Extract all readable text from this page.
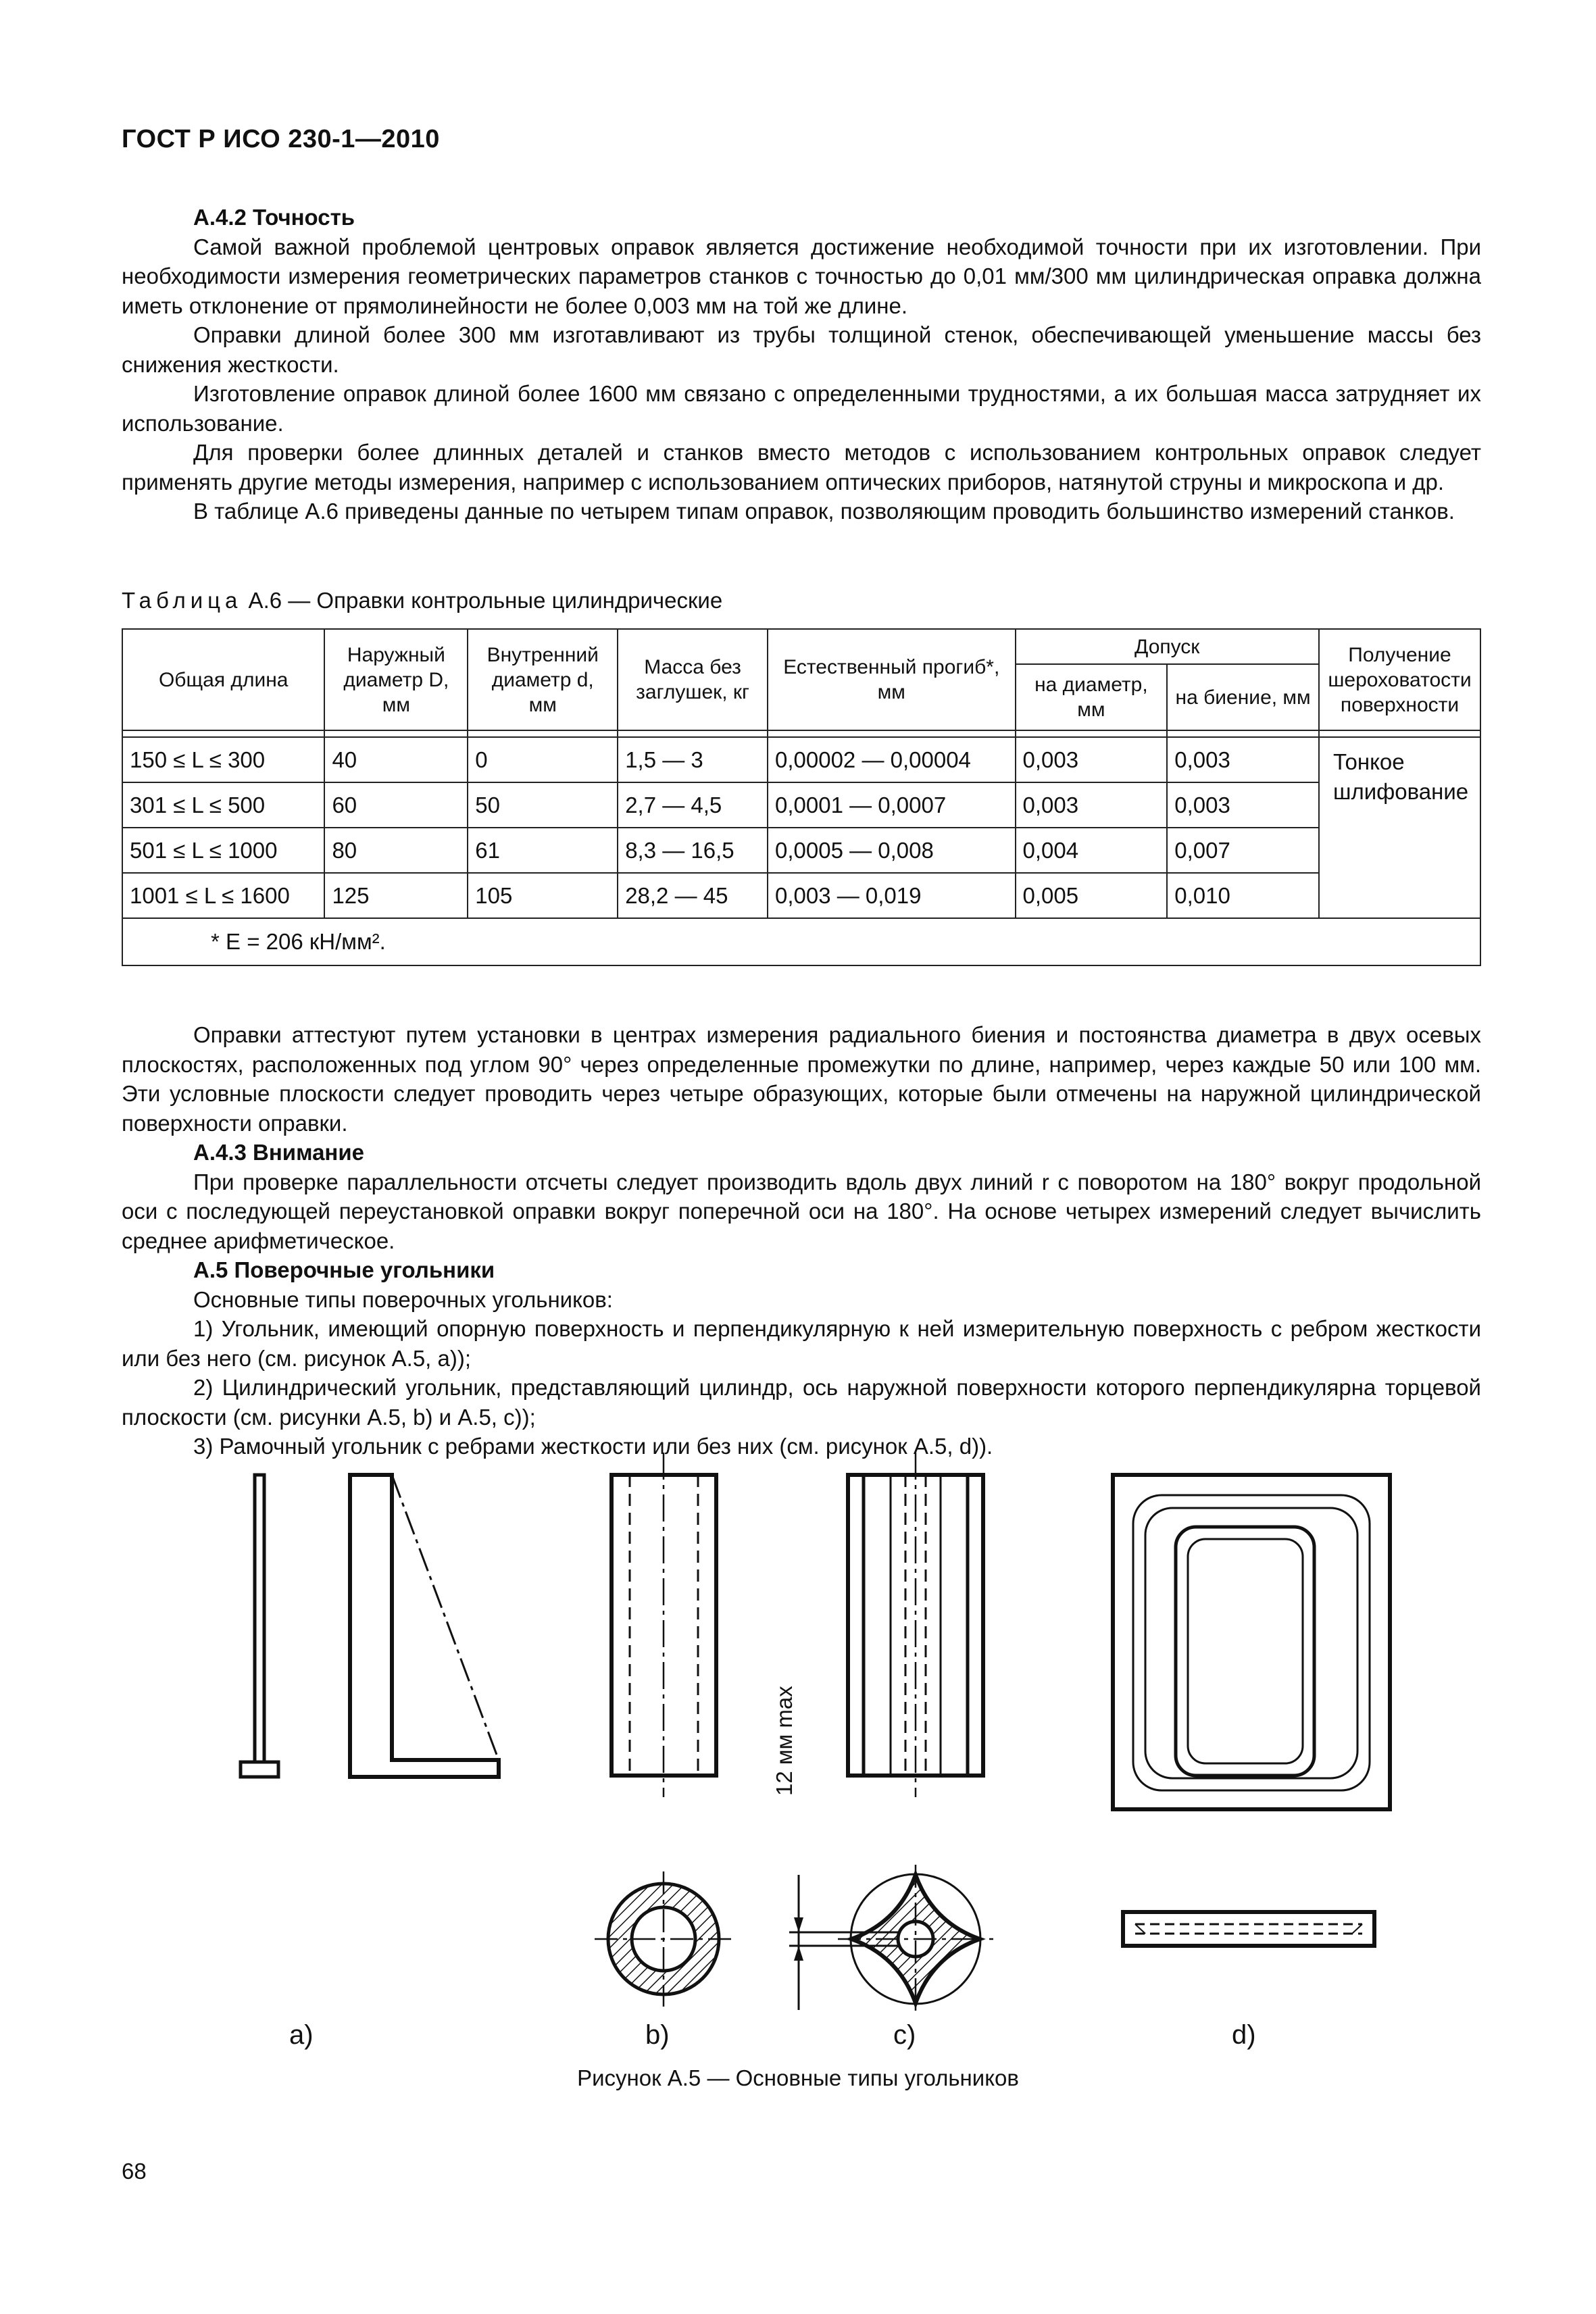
ГОСТ Р ИСО 230-1—2010

А.4.2 Точность

Самой важной проблемой центровых оправок является достижение необходимой точности при их изготовлении. При необходимости измерения геометрических параметров станков с точностью до 0,01 мм/300 мм цилиндрическая оправка должна иметь отклонение от прямолинейности не более 0,003 мм на той же длине.

Оправки длиной более 300 мм изготавливают из трубы толщиной стенок, обеспечивающей уменьшение массы без снижения жесткости.

Изготовление оправок длиной более 1600 мм связано с определенными трудностями, а их большая масса затрудняет их использование.

Для проверки более длинных деталей и станков вместо методов с использованием контрольных оправок следует применять другие методы измерения, например с использованием оптических приборов, натянутой струны и микроскопа и др.

В таблице А.6 приведены данные по четырем типам оправок, позволяющим проводить большинство измерений станков.

Таблица А.6 — Оправки контрольные цилиндрические
Общая длина	Наружный диаметр D, мм	Внутренний диаметр d, мм	Масса без заглушек, кг	Естественный прогиб*, мм	Допуск		Получение шероховатости поверхности
					на диаметр, мм	на биение, мм	

150 ≤ L ≤ 300	40	0	1,5 — 3	0,00002 — 0,00004	0,003	0,003	Тонкое шлифование
301 ≤ L ≤ 500	60	50	2,7 — 4,5	0,0001 — 0,0007	0,003	0,003	
501 ≤ L ≤ 1000	80	61	8,3 — 16,5	0,0005 — 0,008	0,004	0,007	
1001 ≤ L ≤ 1600	125	105	28,2 — 45	0,003 — 0,019	0,005	0,010	
* E = 206 кН/мм².							

Оправки аттестуют путем установки в центрах измерения радиального биения и постоянства диаметра в двух осевых плоскостях, расположенных под углом 90° через определенные промежутки по длине, например, через каждые 50 или 100 мм. Эти условные плоскости следует проводить через четыре образующих, которые были отмечены на наружной цилиндрической поверхности оправки.

А.4.3 Внимание

При проверке параллельности отсчеты следует производить вдоль двух линий r с поворотом на 180° вокруг продольной оси с последующей переустановкой оправки вокруг поперечной оси на 180°. На основе четырех измерений следует вычислить среднее арифметическое.

А.5 Поверочные угольники

Основные типы поверочных угольников:

1) Угольник, имеющий опорную поверхность и перпендикулярную к ней измерительную поверхность с ребром жесткости или без него (см. рисунок А.5, а));

2) Цилиндрический угольник, представляющий цилиндр, ось наружной поверхности которого перпендикулярна торцевой плоскости (см. рисунки А.5, b) и А.5, c));

3) Рамочный угольник с ребрами жесткости или без них (см. рисунок А.5, d)).

12 мм max
а)	b)	c)	d)
Рисунок А.5 — Основные типы угольников
68
